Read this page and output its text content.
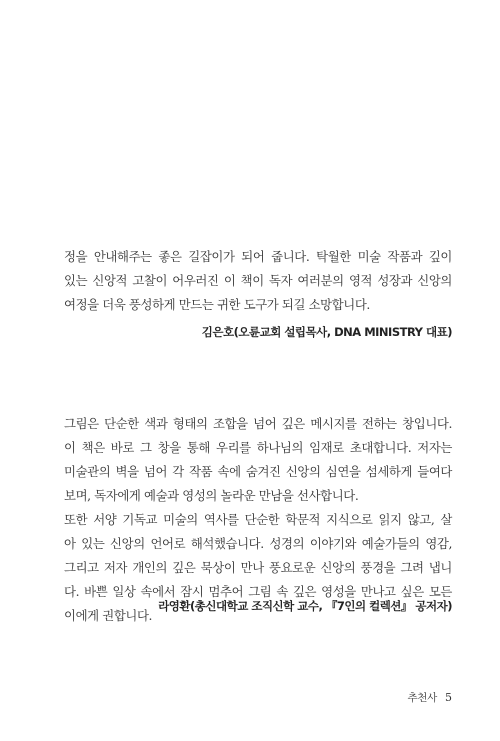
정을 안내해주는 좋은 길잡이가 되어 줍니다. 탁월한 미술 작품과 깊이
있는 신앙적 고찰이 어우러진 이 책이 독자 여러분의 영적 성장과 신앙의
여정을 더욱 풍성하게 만드는 귀한 도구가 되길 소망합니다.
김은호(오륜교회 설립목사, DNA MINISTRY 대표)
그림은 단순한 색과 형태의 조합을 넘어 깊은 메시지를 전하는 창입니다.
이 책은 바로 그 창을 통해 우리를 하나님의 임재로 초대합니다. 저자는
미술관의 벽을 넘어 각 작품 속에 숨겨진 신앙의 심연을 섬세하게 들여다
보며, 독자에게 예술과 영성의 놀라운 만남을 선사합니다.
또한 서양 기독교 미술의 역사를 단순한 학문적 지식으로 읽지 않고, 살
아 있는 신앙의 언어로 해석했습니다. 성경의 이야기와 예술가들의 영감,
그리고 저자 개인의 깊은 묵상이 만나 풍요로운 신앙의 풍경을 그려 냅니
다. 바쁜 일상 속에서 잠시 멈추어 그림 속 깊은 영성을 만나고 싶은 모든
이에게 권합니다.
라영환(총신대학교 조직신학 교수, 『7인의 컬렉션』 공저자)
추천사 5
